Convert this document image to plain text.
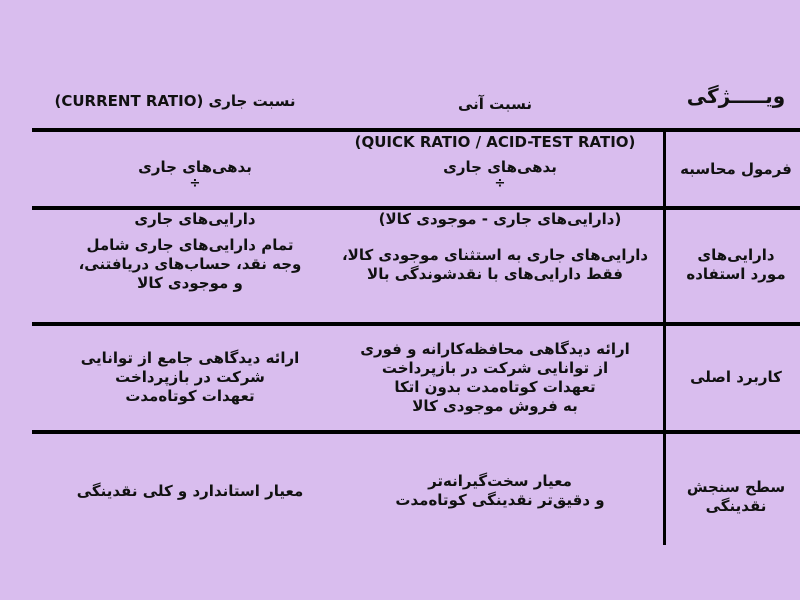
ویـــــژگی

نسبت آنی

(QUICK RATIO / ACID-TEST RATIO)

نسبت جاری (CURRENT RATIO)
فرمول محاسبه

بدهی‌های جاری

÷

(دارایی‌های جاری - موجودی کالا)

بدهی‌های جاری

÷

دارایی‌های جاری

دارایی‌های
مورد استفاده
دارایی‌های جاری به استثنای موجودی کالا،
فقط دارایی‌های با نقدشوندگی بالا
تمام دارایی‌های جاری شامل
وجه نقد، حساب‌های دریافتنی،
و موجودی کالا
کاربرد اصلی
ارائه دیدگاهی محافظه‌کارانه و فوری
از توانایی شرکت در بازپرداخت
تعهدات کوتاه‌مدت بدون اتکا
به فروش موجودی کالا
ارائه دیدگاهی جامع از توانایی
شرکت در بازپرداخت
تعهدات کوتاه‌مدت
سطح سنجش
نقدینگی
معیار سخت‌گیرانه‌تر
و دقیق‌تر نقدینگی کوتاه‌مدت
معیار استاندارد و کلی نقدینگی
